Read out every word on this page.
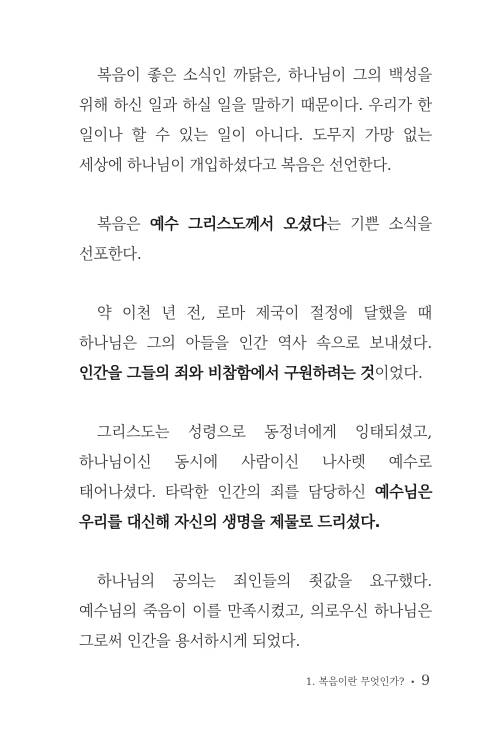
복음이 좋은 소식인 까닭은, 하나님이 그의 백성을 위해 하신 일과 하실 일을 말하기 때문이다. 우리가 한 일이나 할 수 있는 일이 아니다. 도무지 가망 없는 세상에 하나님이 개입하셨다고 복음은 선언한다.

복음은 예수 그리스도께서 오셨다는 기쁜 소식을 선포한다.

약 이천 년 전, 로마 제국이 절정에 달했을 때 하나님은 그의 아들을 인간 역사 속으로 보내셨다. 인간을 그들의 죄와 비참함에서 구원하려는 것이었다.

그리스도는 성령으로 동정녀에게 잉태되셨고, 하나님이신 동시에 사람이신 나사렛 예수로 태어나셨다. 타락한 인간의 죄를 담당하신 예수님은 우리를 대신해 자신의 생명을 제물로 드리셨다.

하나님의 공의는 죄인들의 죗값을 요구했다. 예수님의 죽음이 이를 만족시켰고, 의로우신 하나님은 그로써 인간을 용서하시게 되었다.

1. 복음이란 무엇인가? • 9
